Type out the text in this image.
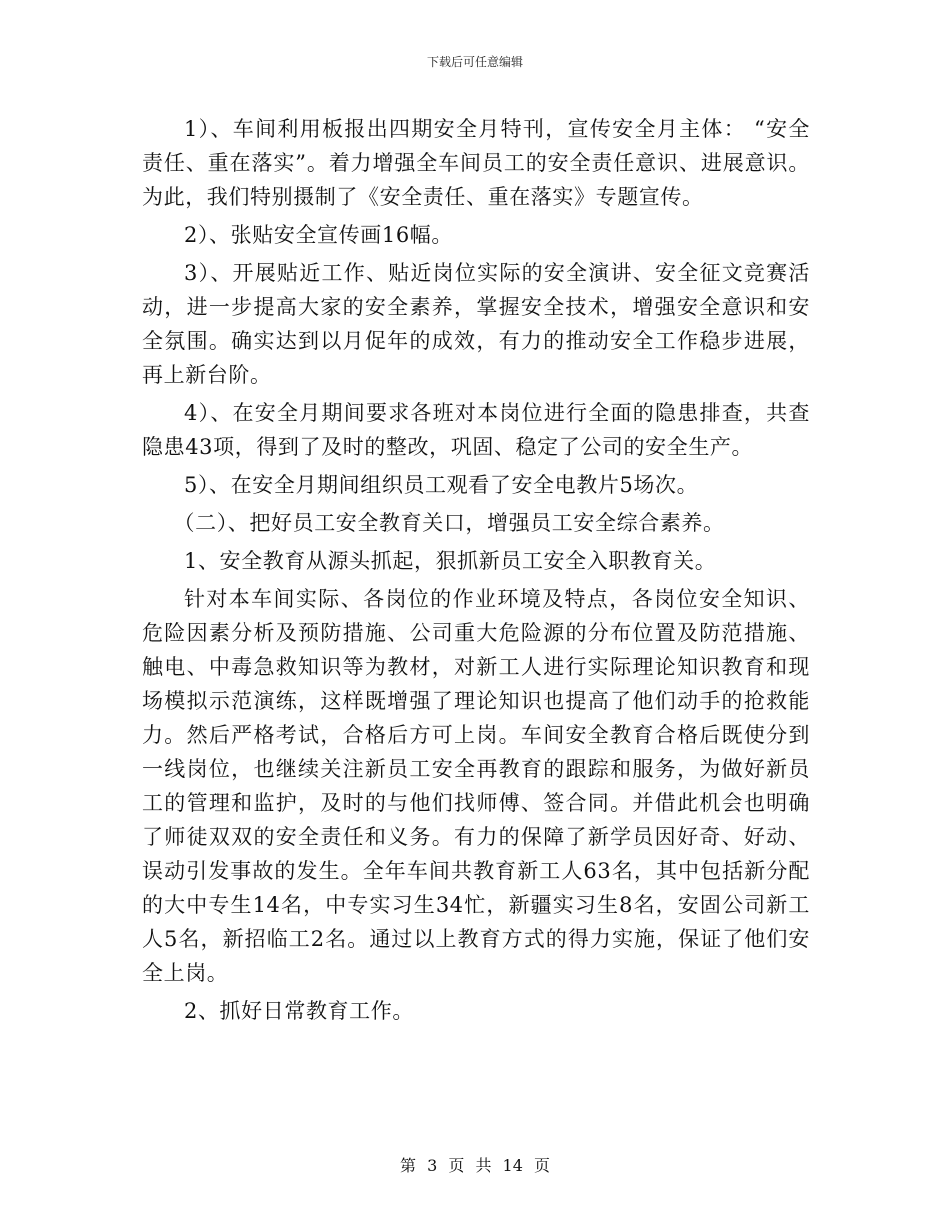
下载后可任意编辑

1）、车间利用板报出四期安全月特刊，宣传安全月主体： “安全责任、重在落实”。着力增强全车间员工的安全责任意识、进展意识。为此，我们特别摄制了《安全责任、重在落实》专题宣传。

2）、张贴安全宣传画16幅。

3）、开展贴近工作、贴近岗位实际的安全演讲、安全征文竞赛活动，进一步提高大家的安全素养，掌握安全技术，增强安全意识和安全氛围。确实达到以月促年的成效，有力的推动安全工作稳步进展，再上新台阶。

4）、在安全月期间要求各班对本岗位进行全面的隐患排查，共查隐患43项，得到了及时的整改，巩固、稳定了公司的安全生产。

5）、在安全月期间组织员工观看了安全电教片5场次。

（二）、把好员工安全教育关口，增强员工安全综合素养。

1、安全教育从源头抓起，狠抓新员工安全入职教育关。

针对本车间实际、各岗位的作业环境及特点，各岗位安全知识、危险因素分析及预防措施、公司重大危险源的分布位置及防范措施、触电、中毒急救知识等为教材，对新工人进行实际理论知识教育和现场模拟示范演练，这样既增强了理论知识也提高了他们动手的抢救能力。然后严格考试，合格后方可上岗。车间安全教育合格后既使分到一线岗位，也继续关注新员工安全再教育的跟踪和服务，为做好新员工的管理和监护，及时的与他们找师傅、签合同。并借此机会也明确了师徒双双的安全责任和义务。有力的保障了新学员因好奇、好动、误动引发事故的发生。全年车间共教育新工人63名，其中包括新分配的大中专生14名，中专实习生34忙，新疆实习生8名，安固公司新工人5名，新招临工2名。通过以上教育方式的得力实施，保证了他们安全上岗。

2、抓好日常教育工作。

第 3 页 共 14 页
